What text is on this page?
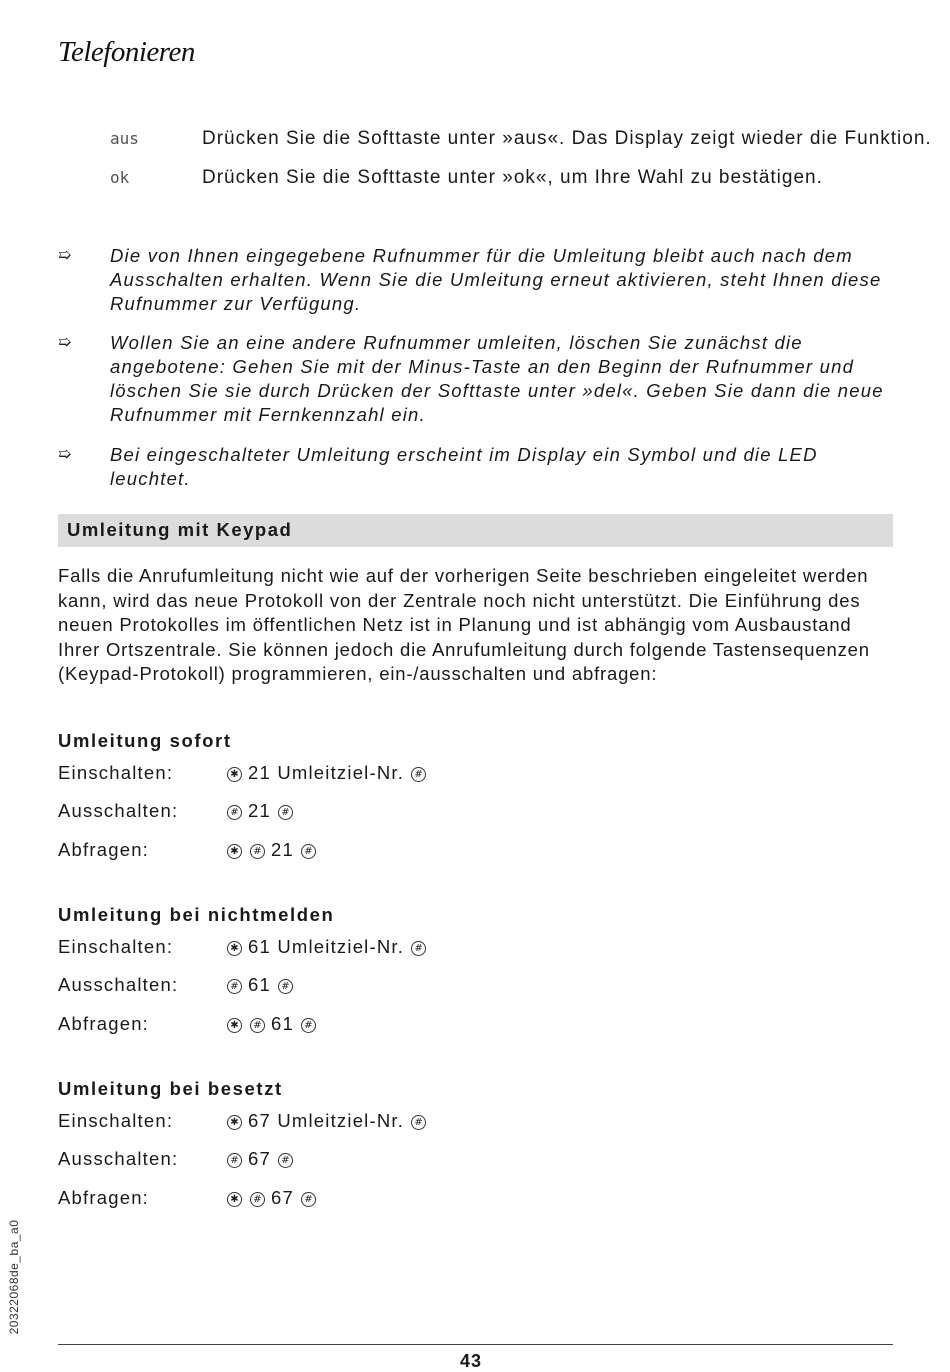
Telefonieren
aus	Drücken Sie die Softtaste unter »aus«. Das Display zeigt wieder die Funktion.
ok	Drücken Sie die Softtaste unter »ok«, um Ihre Wahl zu bestätigen.
➯ Die von Ihnen eingegebene Rufnummer für die Umleitung bleibt auch nach dem Ausschalten erhalten. Wenn Sie die Umleitung erneut aktivieren, steht Ihnen diese Rufnummer zur Verfügung.
➯ Wollen Sie an eine andere Rufnummer umleiten, löschen Sie zunächst die angebotene: Gehen Sie mit der Minus-Taste an den Beginn der Rufnummer und löschen Sie sie durch Drücken der Softtaste unter »del«. Geben Sie dann die neue Rufnummer mit Fernkennzahl ein.
➯ Bei eingeschalteter Umleitung erscheint im Display ein Symbol und die LED leuchtet.
Umleitung mit Keypad
Falls die Anrufumleitung nicht wie auf der vorherigen Seite beschrieben eingeleitet werden kann, wird das neue Protokoll von der Zentrale noch nicht unterstützt. Die Einführung des neuen Protokolles im öffentlichen Netz ist in Planung und ist abhängig vom Ausbaustand Ihrer Ortszentrale. Sie können jedoch die Anrufumleitung durch folgende Tastensequenzen (Keypad-Protokoll) programmieren, ein-/ausschalten und abfragen:
Umleitung sofort
Einschalten:	✱ 21 Umleitziel-Nr. #
Ausschalten:	# 21 #
Abfragen:	✱ # 21 #
Umleitung bei nichtmelden
Einschalten:	✱ 61 Umleitziel-Nr. #
Ausschalten:	# 61 #
Abfragen:	✱ # 61 #
Umleitung bei besetzt
Einschalten:	✱ 67 Umleitziel-Nr. #
Ausschalten:	# 67 #
Abfragen:	✱ # 67 #
20322068de_ba_a0
43
